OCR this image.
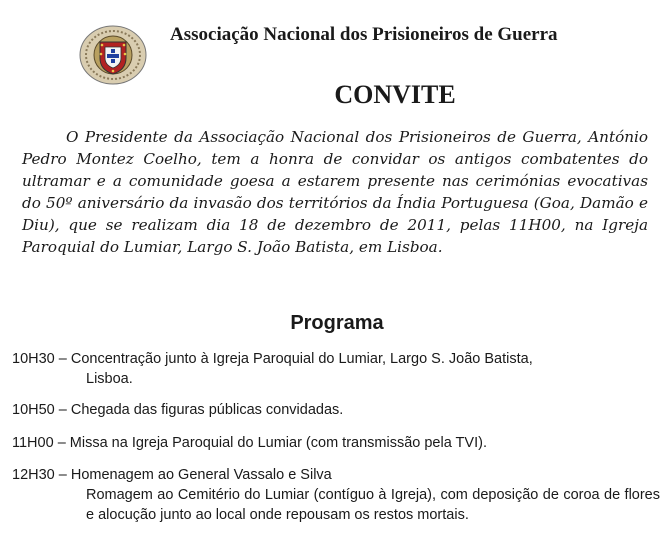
Associação Nacional dos Prisioneiros de Guerra
CONVITE

O Presidente da Associação Nacional dos Prisioneiros de Guerra, António Pedro Montez Coelho, tem a honra de convidar os antigos combatentes do ultramar e a comunidade goesa a estarem presente nas cerimónias evocativas do 50º aniversário da invasão dos territórios da Índia Portuguesa (Goa, Damão e Diu), que se realizam dia 18 de dezembro de 2011, pelas 11H00, na Igreja Paroquial do Lumiar, Largo S. João Batista, em Lisboa.

Programa
10H30 – Concentração junto à Igreja Paroquial do Lumiar, Largo S. João Batista,
Lisboa.
10H50 – Chegada das figuras públicas convidadas.
11H00 – Missa na Igreja Paroquial do Lumiar (com transmissão pela TVI).
12H30 – Homenagem ao General Vassalo e Silva
Romagem ao Cemitério do Lumiar (contíguo à Igreja), com deposição de coroa de flores e alocução junto ao local onde repousam os restos mortais.
